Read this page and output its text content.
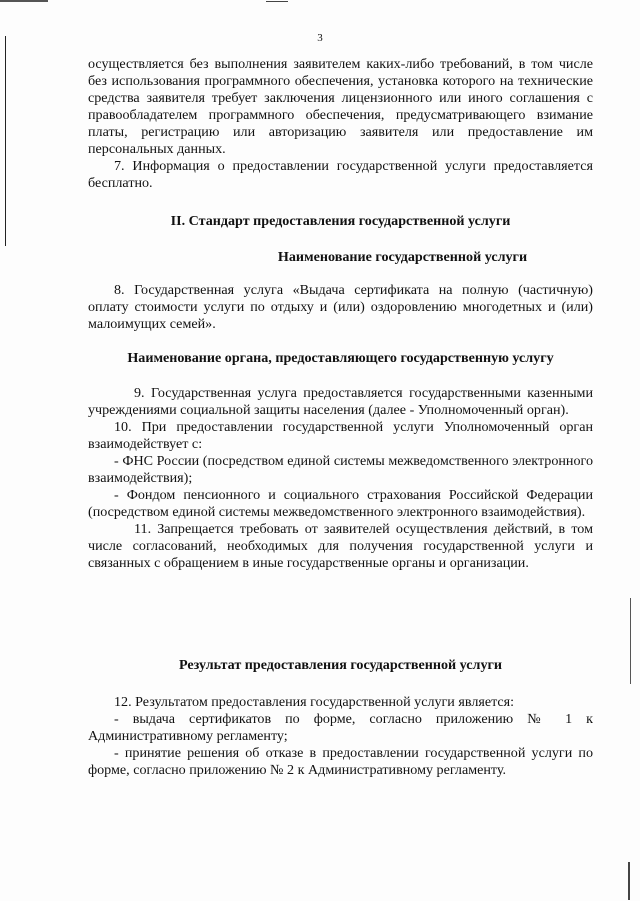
3

осуществляется без выполнения заявителем каких-либо требований, в том числе без использования программного обеспечения, установка которого на технические средства заявителя требует заключения лицензионного или иного соглашения с правообладателем программного обеспечения, предусматривающего взимание платы, регистрацию или авторизацию заявителя или предоставление им персональных данных.

7. Информация о предоставлении государственной услуги предоставляется бесплатно.

II. Стандарт предоставления государственной услуги

Наименование государственной услуги

8. Государственная услуга «Выдача сертификата на полную (частичную) оплату стоимости услуги по отдыху и (или) оздоровлению многодетных и (или) малоимущих семей».

Наименование органа, предоставляющего государственную услугу

9. Государственная услуга предоставляется государственными казенными учреждениями социальной защиты населения (далее - Уполномоченный орган).

10. При предоставлении государственной услуги Уполномоченный орган взаимодействует с:

- ФНС России (посредством единой системы межведомственного электронного взаимодействия);

- Фондом пенсионного и социального страхования Российской Федерации (посредством единой системы межведомственного электронного взаимодействия).

11. Запрещается требовать от заявителей осуществления действий, в том числе согласований, необходимых для получения государственной услуги и связанных с обращением в иные государственные органы и организации.

Результат предоставления государственной услуги

12. Результатом предоставления государственной услуги является:

- выдача сертификатов по форме, согласно приложению № 1 к Административному регламенту;

- принятие решения об отказе в предоставлении государственной услуги по форме, согласно приложению № 2 к Административному регламенту.
